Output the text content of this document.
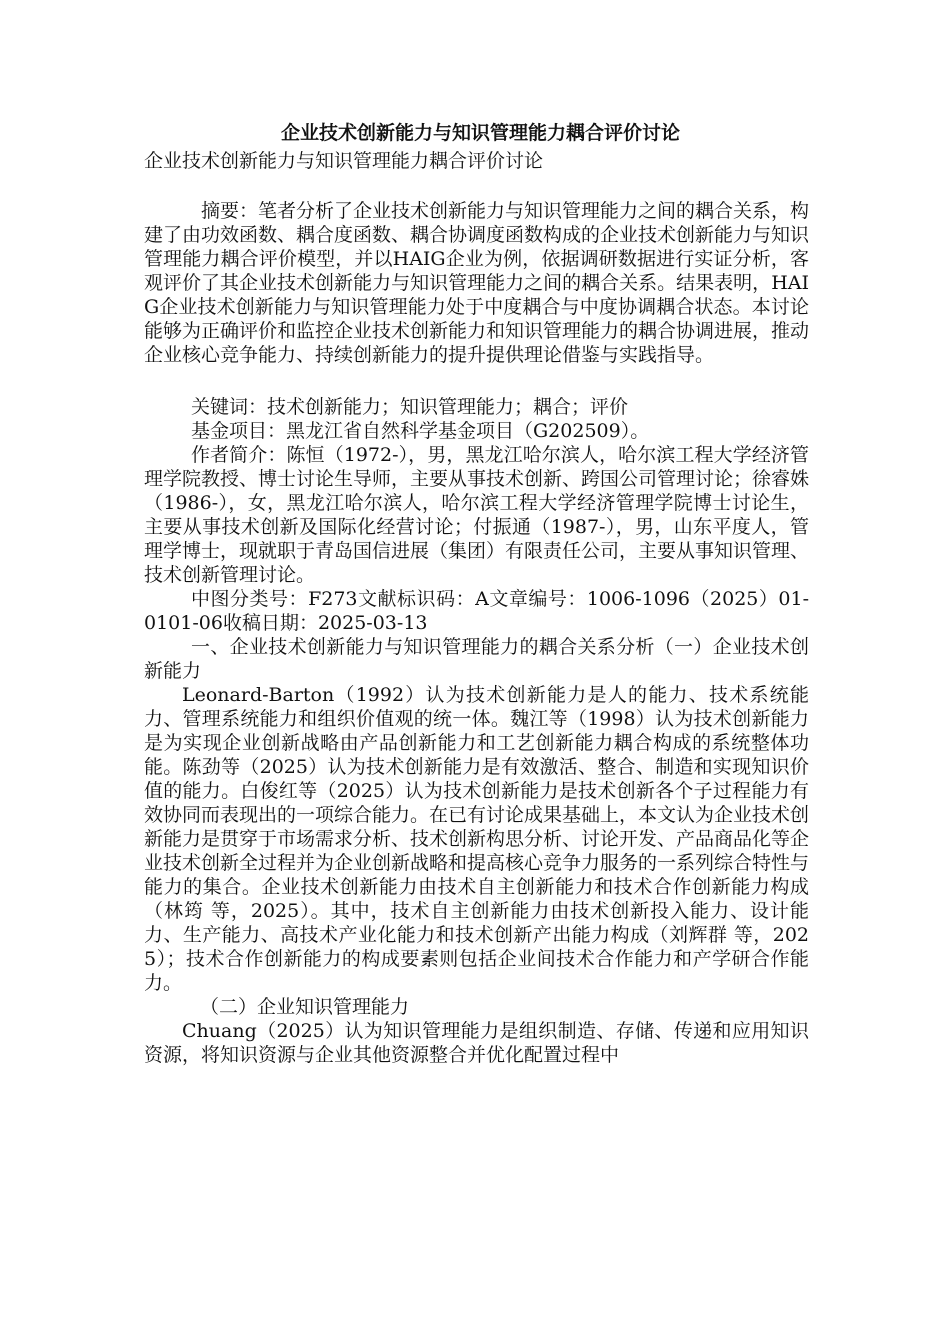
企业技术创新能力与知识管理能力耦合评价讨论
企业技术创新能力与知识管理能力耦合评价讨论

摘要：笔者分析了企业技术创新能力与知识管理能力之间的耦合关系，构建了由功效函数、耦合度函数、耦合协调度函数构成的企业技术创新能力与知识管理能力耦合评价模型，并以HAIG企业为例，依据调研数据进行实证分析，客观评价了其企业技术创新能力与知识管理能力之间的耦合关系。结果表明，HAIG企业技术创新能力与知识管理能力处于中度耦合与中度协调耦合状态。本讨论能够为正确评价和监控企业技术创新能力和知识管理能力的耦合协调进展，推动企业核心竞争能力、持续创新能力的提升提供理论借鉴与实践指导。

关键词：技术创新能力；知识管理能力；耦合；评价

基金项目：黑龙江省自然科学基金项目（G202509）。

作者简介：陈恒（1972-），男，黑龙江哈尔滨人，哈尔滨工程大学经济管理学院教授、博士讨论生导师，主要从事技术创新、跨国公司管理讨论；徐睿姝（1986-），女，黑龙江哈尔滨人，哈尔滨工程大学经济管理学院博士讨论生，主要从事技术创新及国际化经营讨论；付振通（1987-），男，山东平度人，管理学博士，现就职于青岛国信进展（集团）有限责任公司，主要从事知识管理、技术创新管理讨论。

中图分类号：F273文献标识码：A文章编号：1006-1096（2025）01-0101-06收稿日期：2025-03-13

一、企业技术创新能力与知识管理能力的耦合关系分析（一）企业技术创新能力

Leonard-Barton（1992）认为技术创新能力是人的能力、技术系统能力、管理系统能力和组织价值观的统一体。魏江等（1998）认为技术创新能力是为实现企业创新战略由产品创新能力和工艺创新能力耦合构成的系统整体功能。陈劲等（2025）认为技术创新能力是有效激活、整合、制造和实现知识价值的能力。白俊红等（2025）认为技术创新能力是技术创新各个子过程能力有效协同而表现出的一项综合能力。在已有讨论成果基础上，本文认为企业技术创新能力是贯穿于市场需求分析、技术创新构思分析、讨论开发、产品商品化等企业技术创新全过程并为企业创新战略和提高核心竞争力服务的一系列综合特性与能力的集合。企业技术创新能力由技术自主创新能力和技术合作创新能力构成（林筠 等，2025）。其中，技术自主创新能力由技术创新投入能力、设计能力、生产能力、高技术产业化能力和技术创新产出能力构成（刘辉群 等，2025）；技术合作创新能力的构成要素则包括企业间技术合作能力和产学研合作能力。

（二）企业知识管理能力

Chuang（2025）认为知识管理能力是组织制造、存储、传递和应用知识资源，将知识资源与企业其他资源整合并优化配置过程中
